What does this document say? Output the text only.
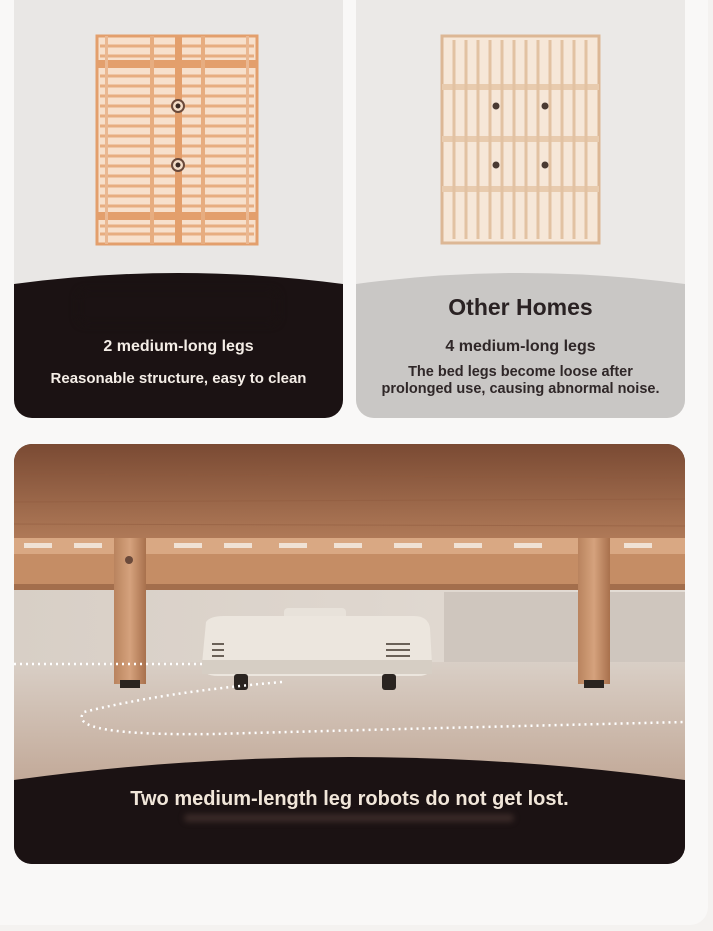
2 medium-long legs
Reasonable structure, easy to clean
Other Homes
4 medium-long legs
The bed legs become loose after prolonged use, causing abnormal noise.
Two medium-length leg robots do not get lost.
